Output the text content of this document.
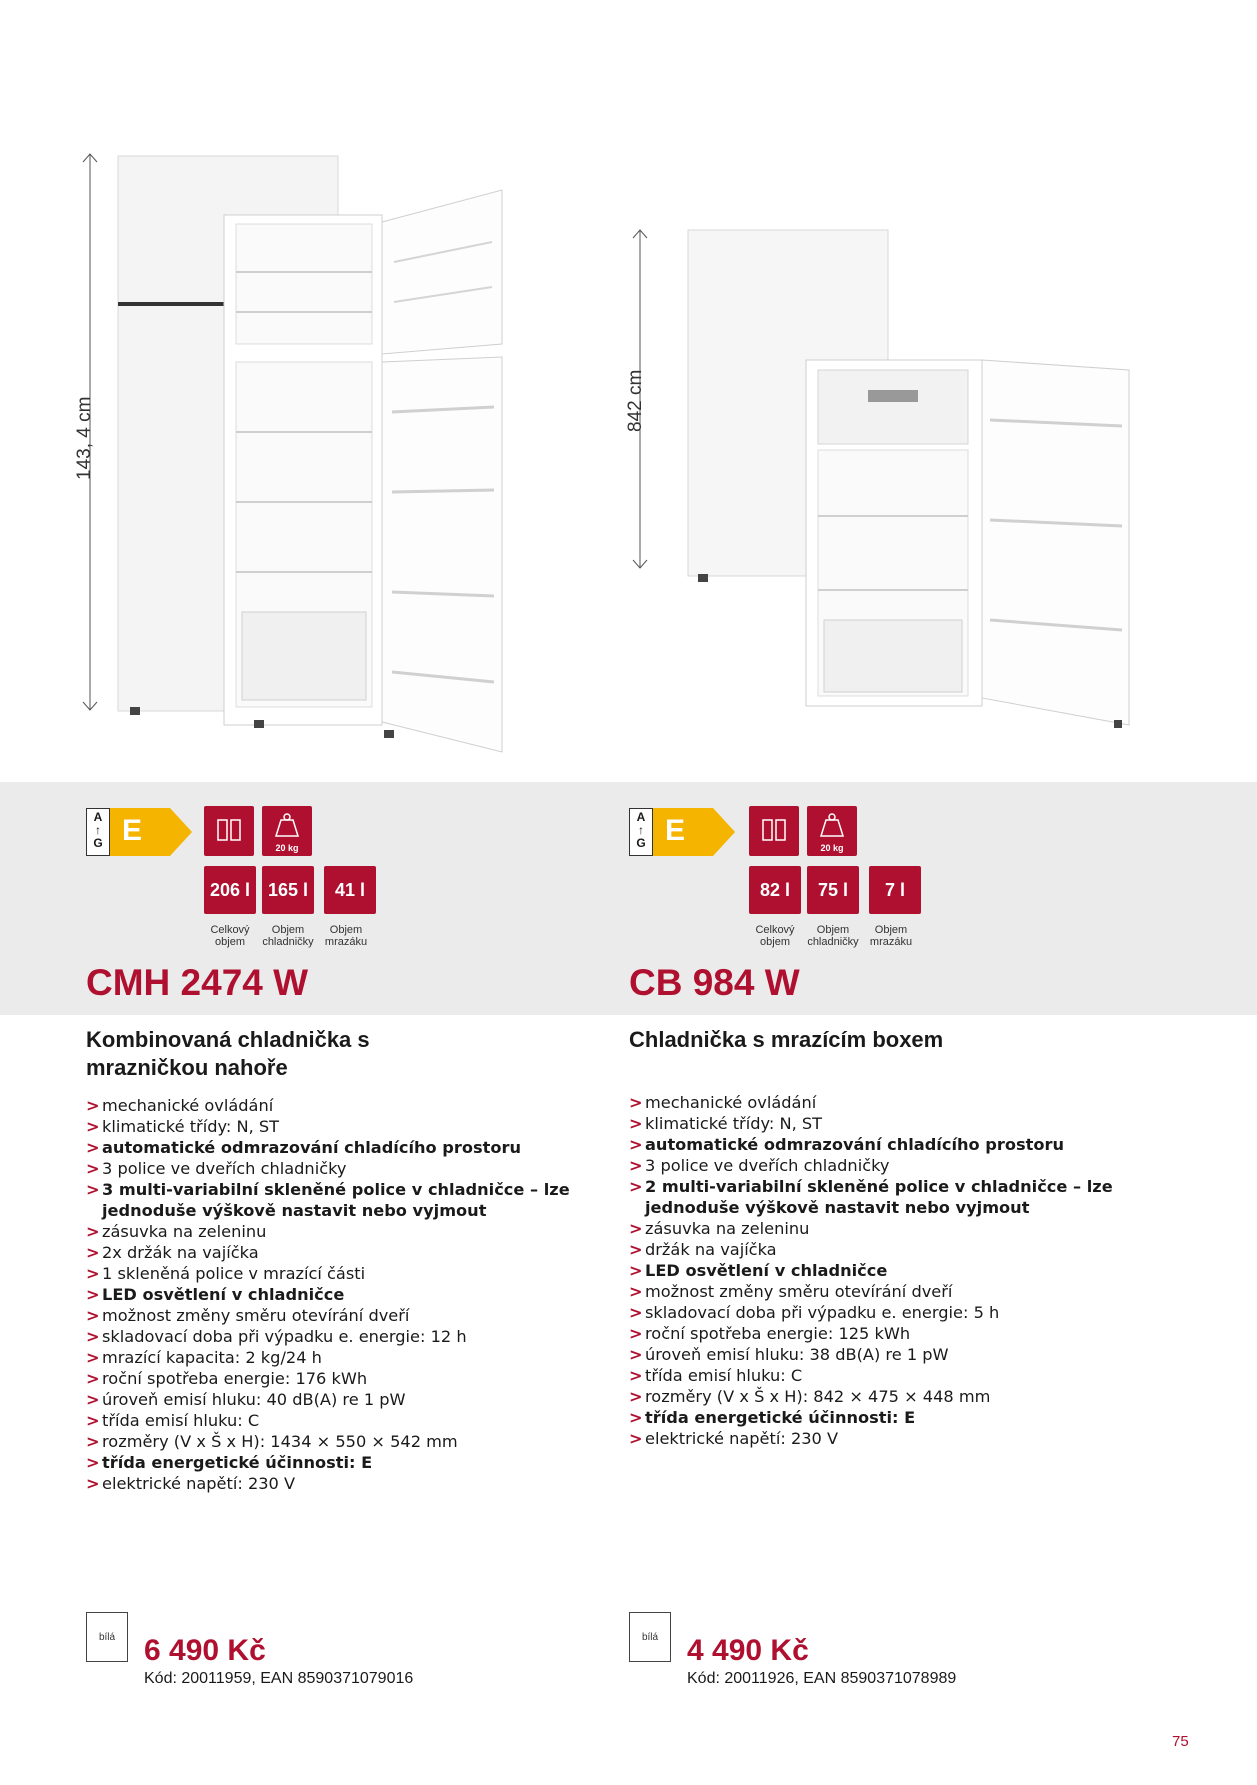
143, 4 cm
A
↑
G E
20 kg
206 l 165 l	41 l
Celkový objem
Objem chladničky
Objem mrazáku
CMH 2474 W
Kombinovaná chladnička s mrazničkou nahoře
> mechanické ovládání
> klimatické třídy: N, ST
> automatické odmrazování chladícího prostoru
> 3 police ve dveřích chladničky
> 3 multi-variabilní skleněné police v chladničce – lze jednoduše výškově nastavit nebo vyjmout
> zásuvka na zeleninu
> 2x držák na vajíčka
> 1 skleněná police v mrazící části
> LED osvětlení v chladničce
> možnost změny směru otevírání dveří
> skladovací doba při výpadku e. energie: 12 h
> mrazící kapacita: 2 kg/24 h
> roční spotřeba energie: 176 kWh
> úroveň emisí hluku: 40 dB(A) re 1 pW
> třída emisí hluku: C
> rozměry (V x Š x H): 1434 × 550 × 542 mm
> třída energetické účinnosti: E
> elektrické napětí: 230 V
bílá 6 490 Kč
Kód: 20011959, EAN 8590371079016
842 cm
A
↑
G E
20 kg
82 l	75 l	7 l
Celkový objem
Objem chladničky
Objem mrazáku
CB 984 W
Chladnička s mrazícím boxem
> mechanické ovládání
> klimatické třídy: N, ST
> automatické odmrazování chladícího prostoru
> 3 police ve dveřích chladničky
> 2 multi-variabilní skleněné police v chladničce – lze jednoduše výškově nastavit nebo vyjmout
> zásuvka na zeleninu
> držák na vajíčka
> LED osvětlení v chladničce
> možnost změny směru otevírání dveří
> skladovací doba při výpadku e. energie: 5 h
> roční spotřeba energie: 125 kWh
> úroveň emisí hluku: 38 dB(A) re 1 pW
> třída emisí hluku: C
> rozměry (V x Š x H): 842 × 475 × 448 mm
> třída energetické účinnosti: E
> elektrické napětí: 230 V
bílá 4 490 Kč
Kód: 20011926, EAN 8590371078989
75
